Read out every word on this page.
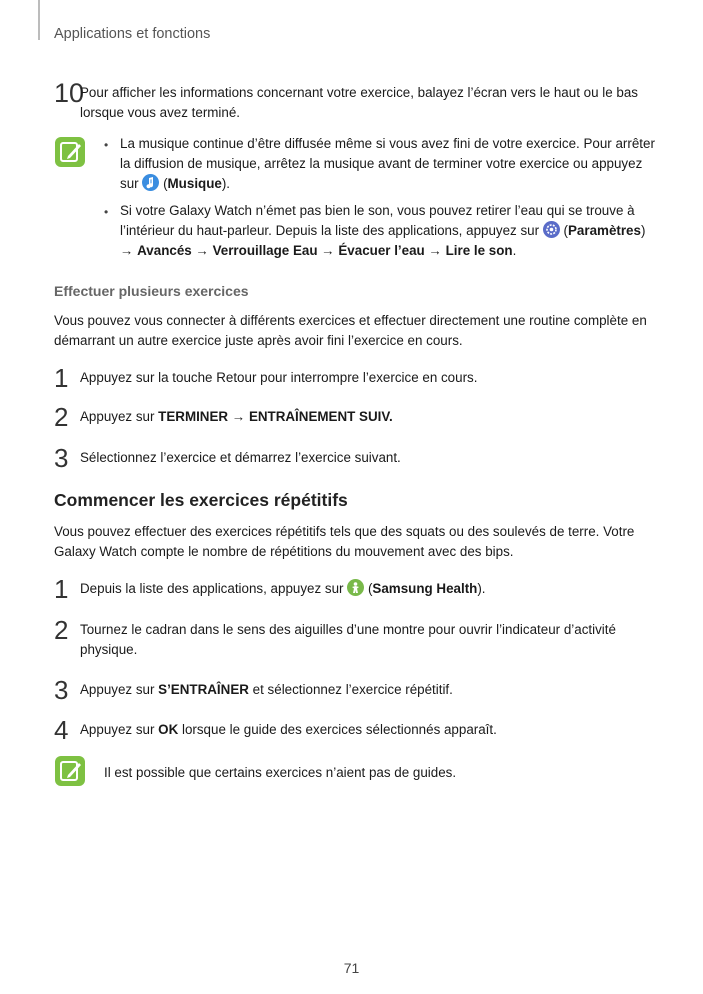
Applications et fonctions
10
Pour afficher les informations concernant votre exercice, balayez l’écran vers le haut ou le bas
lorsque vous avez terminé.
• La musique continue d’être diffusée même si vous avez fini de votre exercice. Pour arrêter
la diffusion de musique, arrêtez la musique avant de terminer votre exercice ou appuyez
sur  (Musique).
• Si votre Galaxy Watch n’émet pas bien le son, vous pouvez retirer l’eau qui se trouve à
l’intérieur du haut-parleur. Depuis la liste des applications, appuyez sur  (Paramètres)
→ Avancés → Verrouillage Eau → Évacuer l’eau → Lire le son.
Effectuer plusieurs exercices
Vous pouvez vous connecter à différents exercices et effectuer directement une routine complète en
démarrant un autre exercice juste après avoir fini l’exercice en cours.
1 Appuyez sur la touche Retour pour interrompre l’exercice en cours.
2 Appuyez sur TERMINER → ENTRAÎNEMENT SUIV.
3 Sélectionnez l’exercice et démarrez l’exercice suivant.
Commencer les exercices répétitifs
Vous pouvez effectuer des exercices répétitifs tels que des squats ou des soulevés de terre. Votre
Galaxy Watch compte le nombre de répétitions du mouvement avec des bips.
1 Depuis la liste des applications, appuyez sur  (Samsung Health).
2 Tournez le cadran dans le sens des aiguilles d’une montre pour ouvrir l’indicateur d’activité
physique.
3 Appuyez sur S’ENTRAÎNER et sélectionnez l’exercice répétitif.
4 Appuyez sur OK lorsque le guide des exercices sélectionnés apparaît.
Il est possible que certains exercices n’aient pas de guides.
71
